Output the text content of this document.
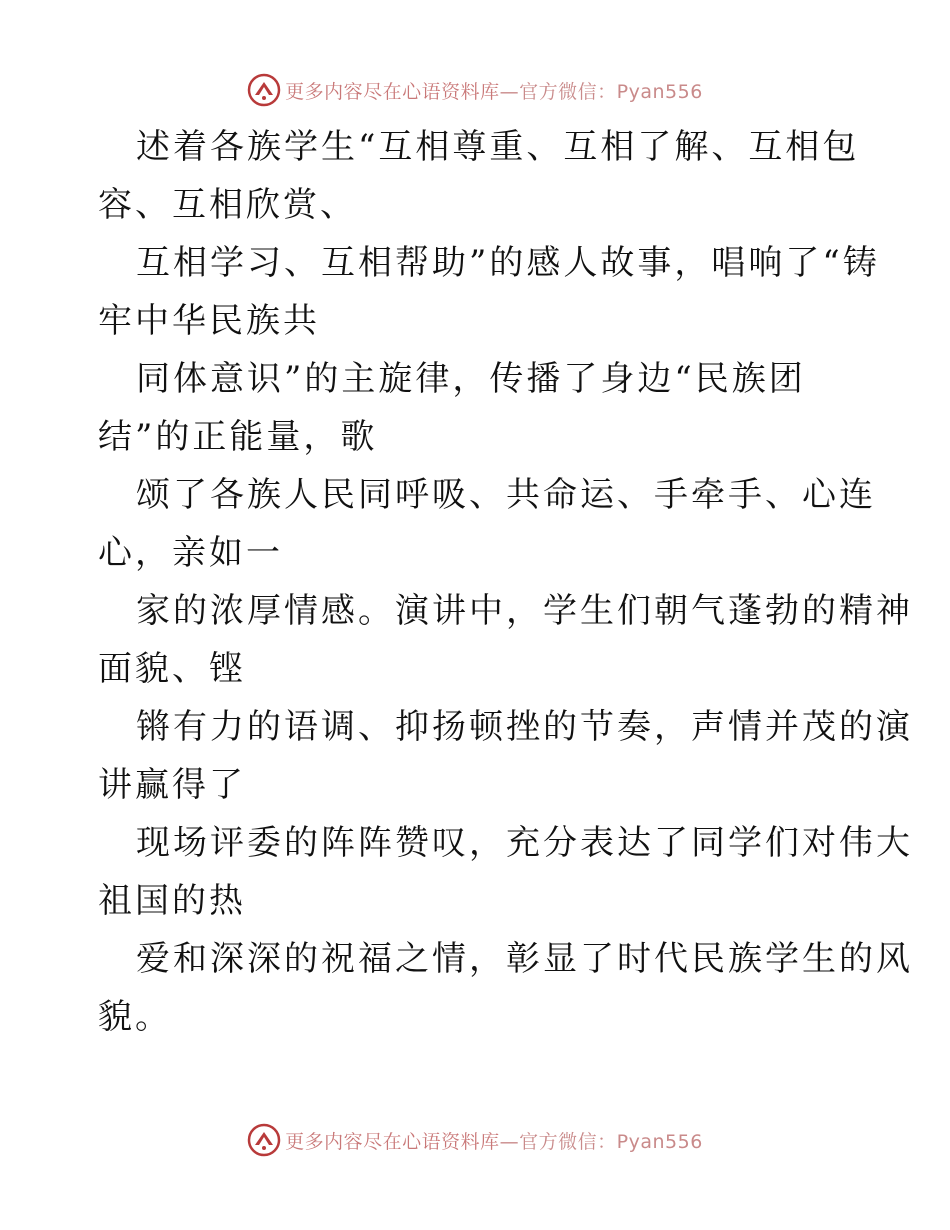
更多内容尽在心语资料库—官方微信：Pyan556
述着各族学生“互相尊重、互相了解、互相包
容、互相欣赏、
互相学习、互相帮助”的感人故事，唱响了“铸
牢中华民族共
同体意识”的主旋律，传播了身边“民族团
结”的正能量，歌
颂了各族人民同呼吸、共命运、手牵手、心连
心，亲如一
家的浓厚情感。演讲中，学生们朝气蓬勃的精神
面貌、铿
锵有力的语调、抑扬顿挫的节奏，声情并茂的演
讲赢得了
现场评委的阵阵赞叹，充分表达了同学们对伟大
祖国的热
爱和深深的祝福之情，彰显了时代民族学生的风
貌。
更多内容尽在心语资料库—官方微信：Pyan556
